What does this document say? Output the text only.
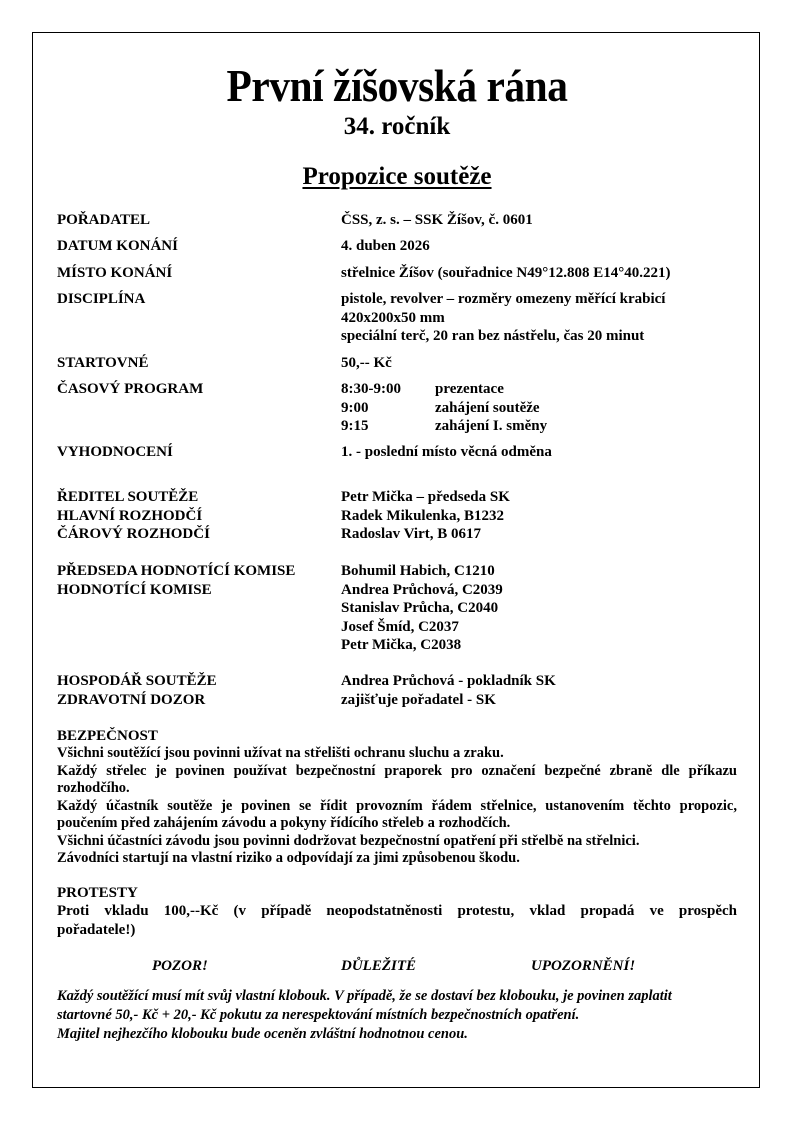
První žíšovská rána
34. ročník
Propozice soutěže
POŘADATEL	ČSS, z. s. – SSK Žíšov, č. 0601
DATUM KONÁNÍ	4. duben 2026
MÍSTO KONÁNÍ	střelnice Žíšov (souřadnice N49°12.808 E14°40.221)
DISCIPLÍNA	pistole, revolver – rozměry omezeny měřící krabicí
420x200x50 mm
speciální terč, 20 ran bez nástřelu, čas 20 minut
STARTOVNÉ	50,-- Kč
ČASOVÝ PROGRAM	8:30-9:00 prezentace
9:00	zahájení soutěže
9:15	zahájení I. směny
VYHODNOCENÍ	1. - poslední místo věcná odměna
ŘEDITEL SOUTĚŽE	Petr Mička – předseda SK
HLAVNÍ ROZHODČÍ	Radek Mikulenka, B1232
ČÁROVÝ ROZHODČÍ	Radoslav Virt, B 0617
PŘEDSEDA HODNOTÍCÍ KOMISE	Bohumil Habich, C1210
HODNOTÍCÍ KOMISE	Andrea Průchová, C2039
Stanislav Průcha, C2040
Josef Šmíd, C2037
Petr Mička, C2038
HOSPODÁŘ SOUTĚŽE	Andrea Průchová - pokladník SK
ZDRAVOTNÍ DOZOR	zajišťuje pořadatel - SK
BEZPEČNOST
Všichni soutěžící jsou povinni užívat na střelišti ochranu sluchu a zraku.
Každý střelec je povinen používat bezpečnostní praporek pro označení bezpečné zbraně dle příkazu
rozhodčího.
Každý účastník soutěže je povinen se řídit provozním řádem střelnice, ustanovením těchto propozic,
poučením před zahájením závodu a pokyny řídícího střeleb a rozhodčích.
Všichni účastníci závodu jsou povinni dodržovat bezpečnostní opatření při střelbě na střelnici.
Závodníci startují na vlastní riziko a odpovídají za jimi způsobenou škodu.
PROTESTY
Proti vkladu 100,--Kč (v případě neopodstatněnosti protestu, vklad propadá ve prospěch
pořadatele!)
POZOR!	DŮLEŽITÉ	UPOZORNĚNÍ!
Každý soutěžící musí mít svůj vlastní klobouk. V případě, že se dostaví bez klobouku, je povinen zaplatit
startovné 50,- Kč + 20,- Kč pokutu za nerespektování místních bezpečnostních opatření.
Majitel nejhezčího klobouku bude oceněn zvláštní hodnotnou cenou.
